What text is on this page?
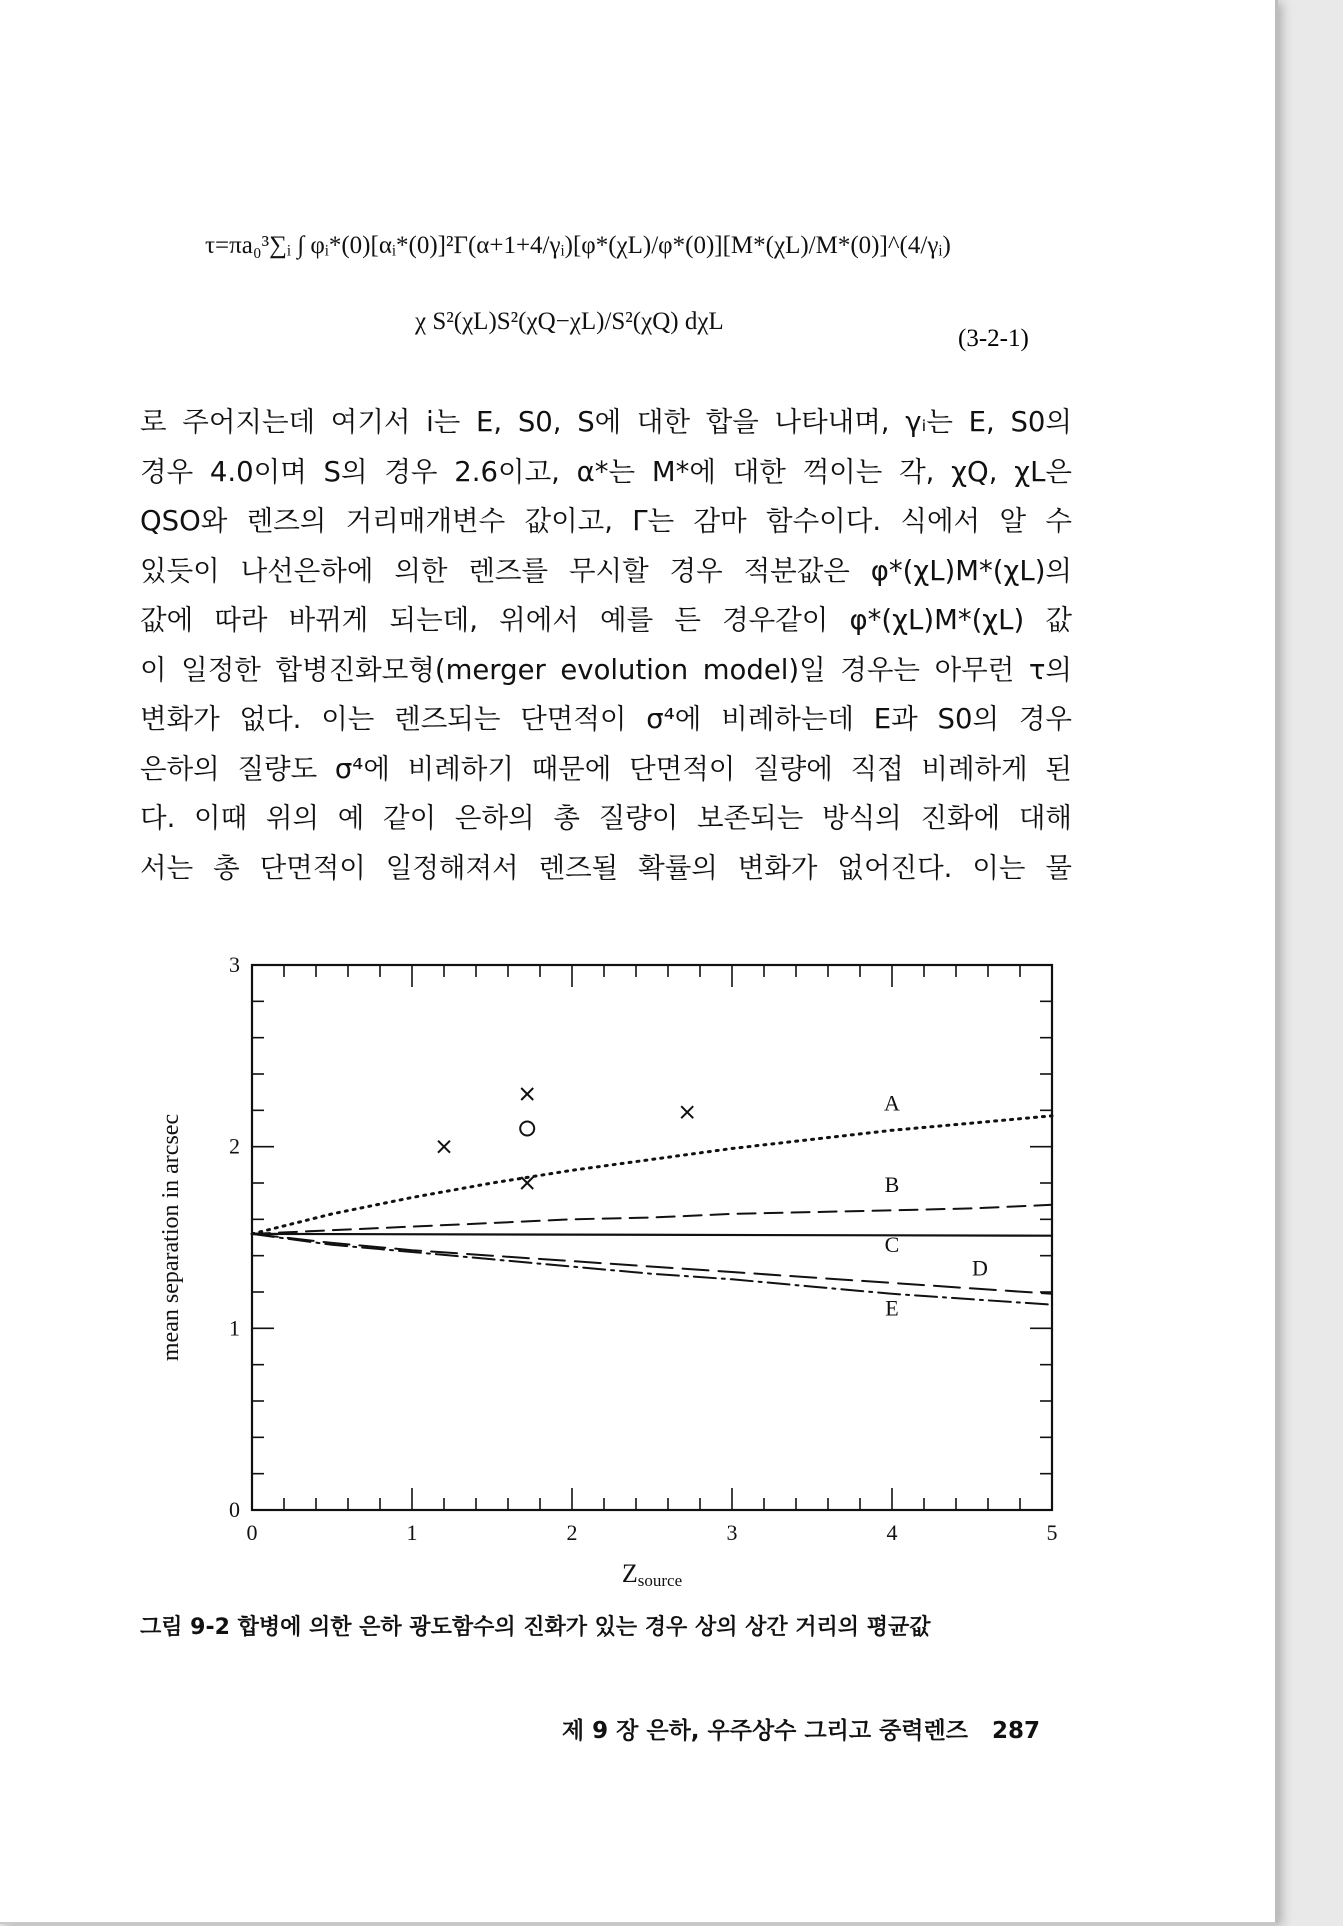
τ=πa₀³∑ᵢ ∫ φᵢ*(0)[αᵢ*(0)]²Γ(α+1+4/γᵢ)[φ*(χL)/φ*(0)][M*(χL)/M*(0)]^(4/γᵢ)
χ S²(χL)S²(χQ−χL)/S²(χQ) dχL
(3-2-1)
로 주어지는데 여기서 i는 E, S0, S에 대한 합을 나타내며, γᵢ는 E, S0의
경우 4.0이며 S의 경우 2.6이고, α*는 M*에 대한 꺽이는 각, χQ, χL은
QSO와 렌즈의 거리매개변수 값이고, Γ는 감마 함수이다. 식에서 알 수
있듯이 나선은하에 의한 렌즈를 무시할 경우 적분값은 φ*(χL)M*(χL)의
값에 따라 바뀌게 되는데, 위에서 예를 든 경우같이 φ*(χL)M*(χL) 값
이 일정한 합병진화모형(merger evolution model)일 경우는 아무런 τ의
변화가 없다. 이는 렌즈되는 단면적이 σ⁴에 비례하는데 E과 S0의 경우
은하의 질량도 σ⁴에 비례하기 때문에 단면적이 질량에 직접 비례하게 된
다. 이때 위의 예 같이 은하의 총 질량이 보존되는 방식의 진화에 대해
서는 총 단면적이 일정해져서 렌즈될 확률의 변화가 없어진다. 이는 물
0	1	2	3	4	5
0
1
2
3
Zsource
mean separation in arcsec
A
B
C
D
E
그림 9-2 합병에 의한 은하 광도함수의 진화가 있는 경우 상의 상간 거리의 평균값
제 9 장 은하, 우주상수 그리고 중력렌즈 287
